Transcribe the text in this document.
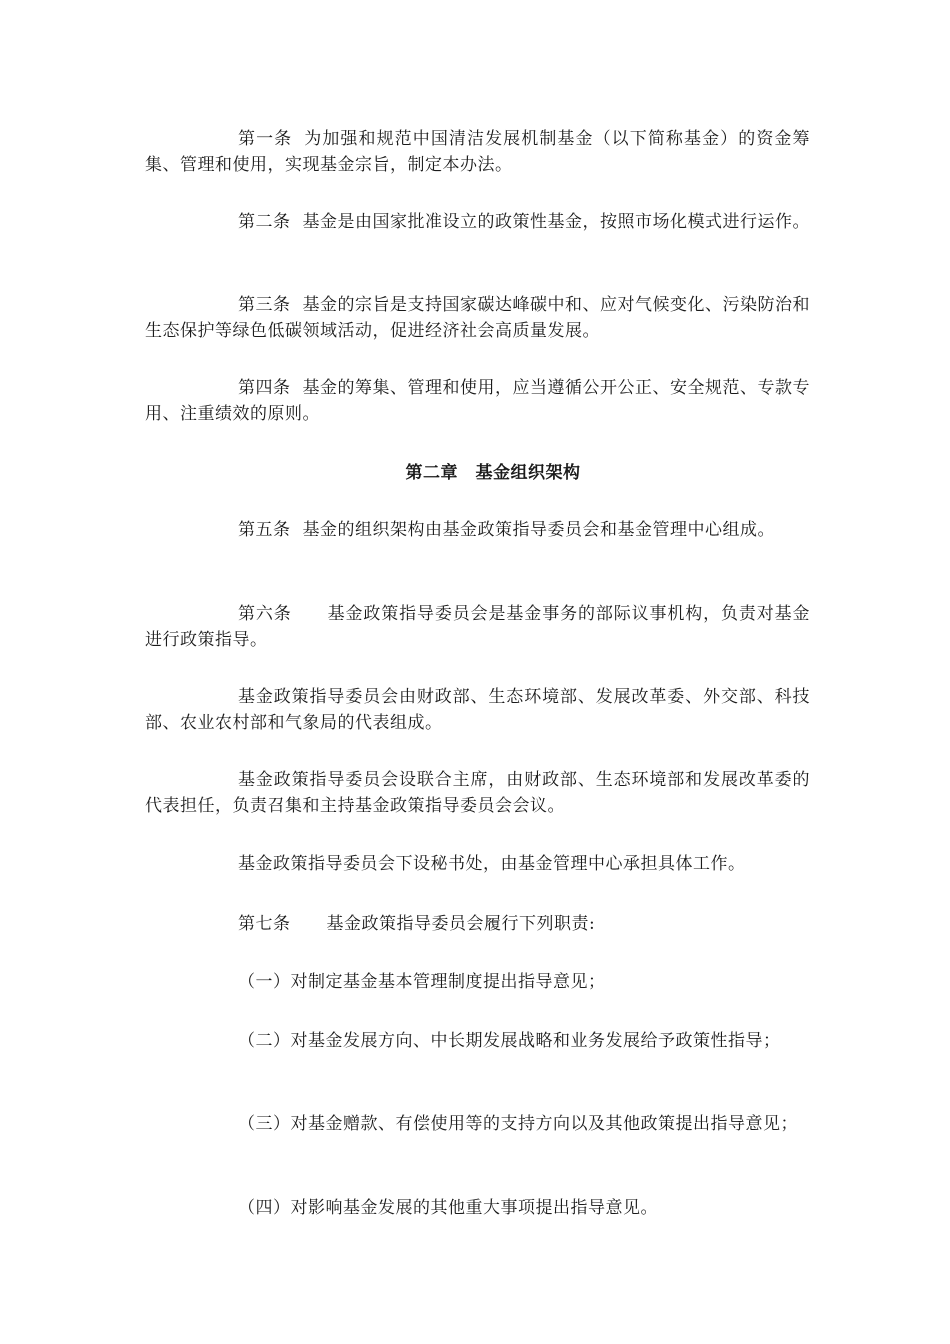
第一条 为加强和规范中国清洁发展机制基金（以下简称基金）的资金筹集、管理和使用，实现基金宗旨，制定本办法。

第二条 基金是由国家批准设立的政策性基金，按照市场化模式进行运作。

第三条 基金的宗旨是支持国家碳达峰碳中和、应对气候变化、污染防治和生态保护等绿色低碳领域活动，促进经济社会高质量发展。

第四条 基金的筹集、管理和使用，应当遵循公开公正、安全规范、专款专用、注重绩效的原则。

第二章　基金组织架构

第五条 基金的组织架构由基金政策指导委员会和基金管理中心组成。

第六条 基金政策指导委员会是基金事务的部际议事机构，负责对基金进行政策指导。

基金政策指导委员会由财政部、生态环境部、发展改革委、外交部、科技部、农业农村部和气象局的代表组成。

基金政策指导委员会设联合主席，由财政部、生态环境部和发展改革委的代表担任，负责召集和主持基金政策指导委员会会议。

基金政策指导委员会下设秘书处，由基金管理中心承担具体工作。

第七条 基金政策指导委员会履行下列职责:

（一）对制定基金基本管理制度提出指导意见；

（二）对基金发展方向、中长期发展战略和业务发展给予政策性指导；

（三）对基金赠款、有偿使用等的支持方向以及其他政策提出指导意见；

（四）对影响基金发展的其他重大事项提出指导意见。
